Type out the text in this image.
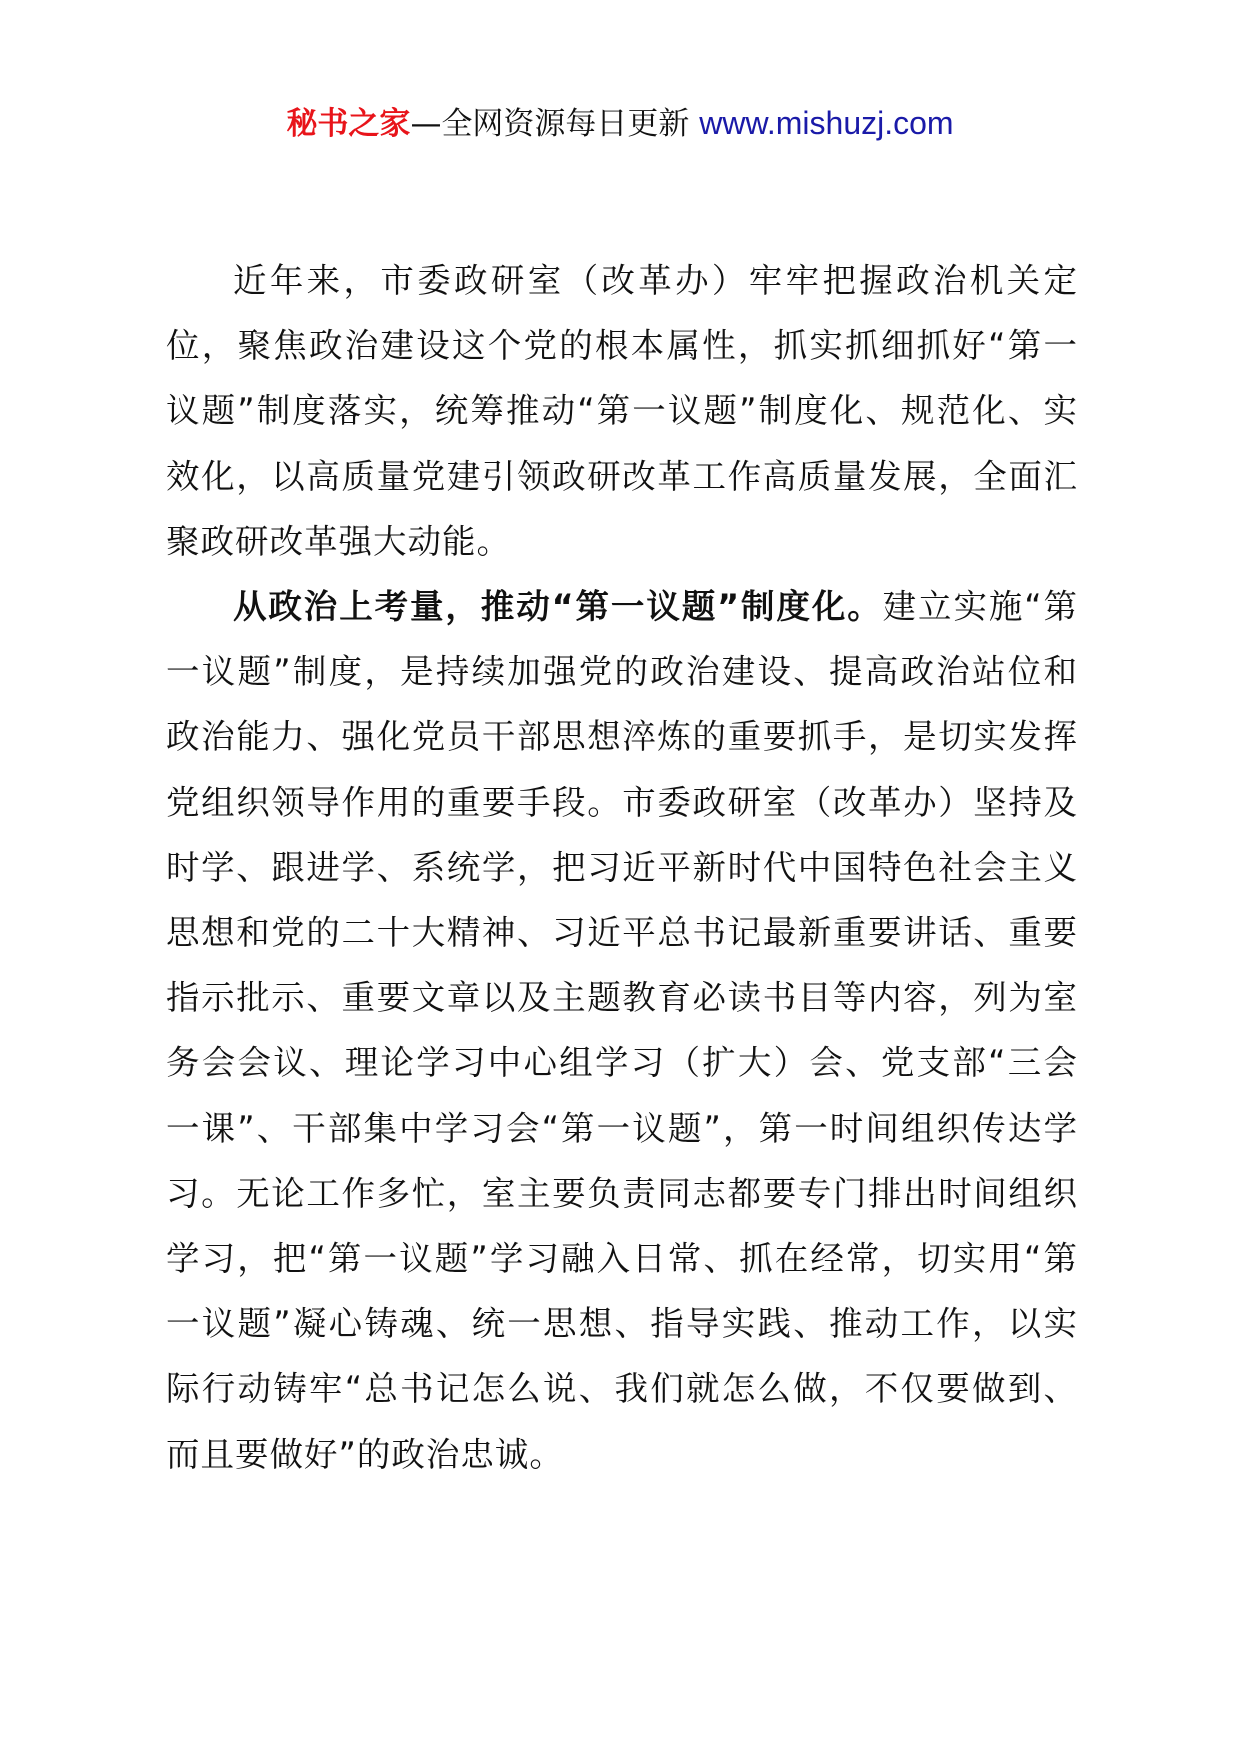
秘书之家—全网资源每日更新 www.mishuzj.com

近年来，市委政研室（改革办）牢牢把握政治机关定位，聚焦政治建设这个党的根本属性，抓实抓细抓好“第一议题”制度落实，统筹推动“第一议题”制度化、规范化、实效化，以高质量党建引领政研改革工作高质量发展，全面汇聚政研改革强大动能。

从政治上考量，推动“第一议题”制度化。建立实施“第一议题”制度，是持续加强党的政治建设、提高政治站位和政治能力、强化党员干部思想淬炼的重要抓手，是切实发挥党组织领导作用的重要手段。市委政研室（改革办）坚持及时学、跟进学、系统学，把习近平新时代中国特色社会主义思想和党的二十大精神、习近平总书记最新重要讲话、重要指示批示、重要文章以及主题教育必读书目等内容，列为室务会会议、理论学习中心组学习（扩大）会、党支部“三会一课”、干部集中学习会“第一议题”，第一时间组织传达学习。无论工作多忙，室主要负责同志都要专门排出时间组织学习，把“第一议题”学习融入日常、抓在经常，切实用“第一议题”凝心铸魂、统一思想、指导实践、推动工作，以实际行动铸牢“总书记怎么说、我们就怎么做，不仅要做到、而且要做好”的政治忠诚。
